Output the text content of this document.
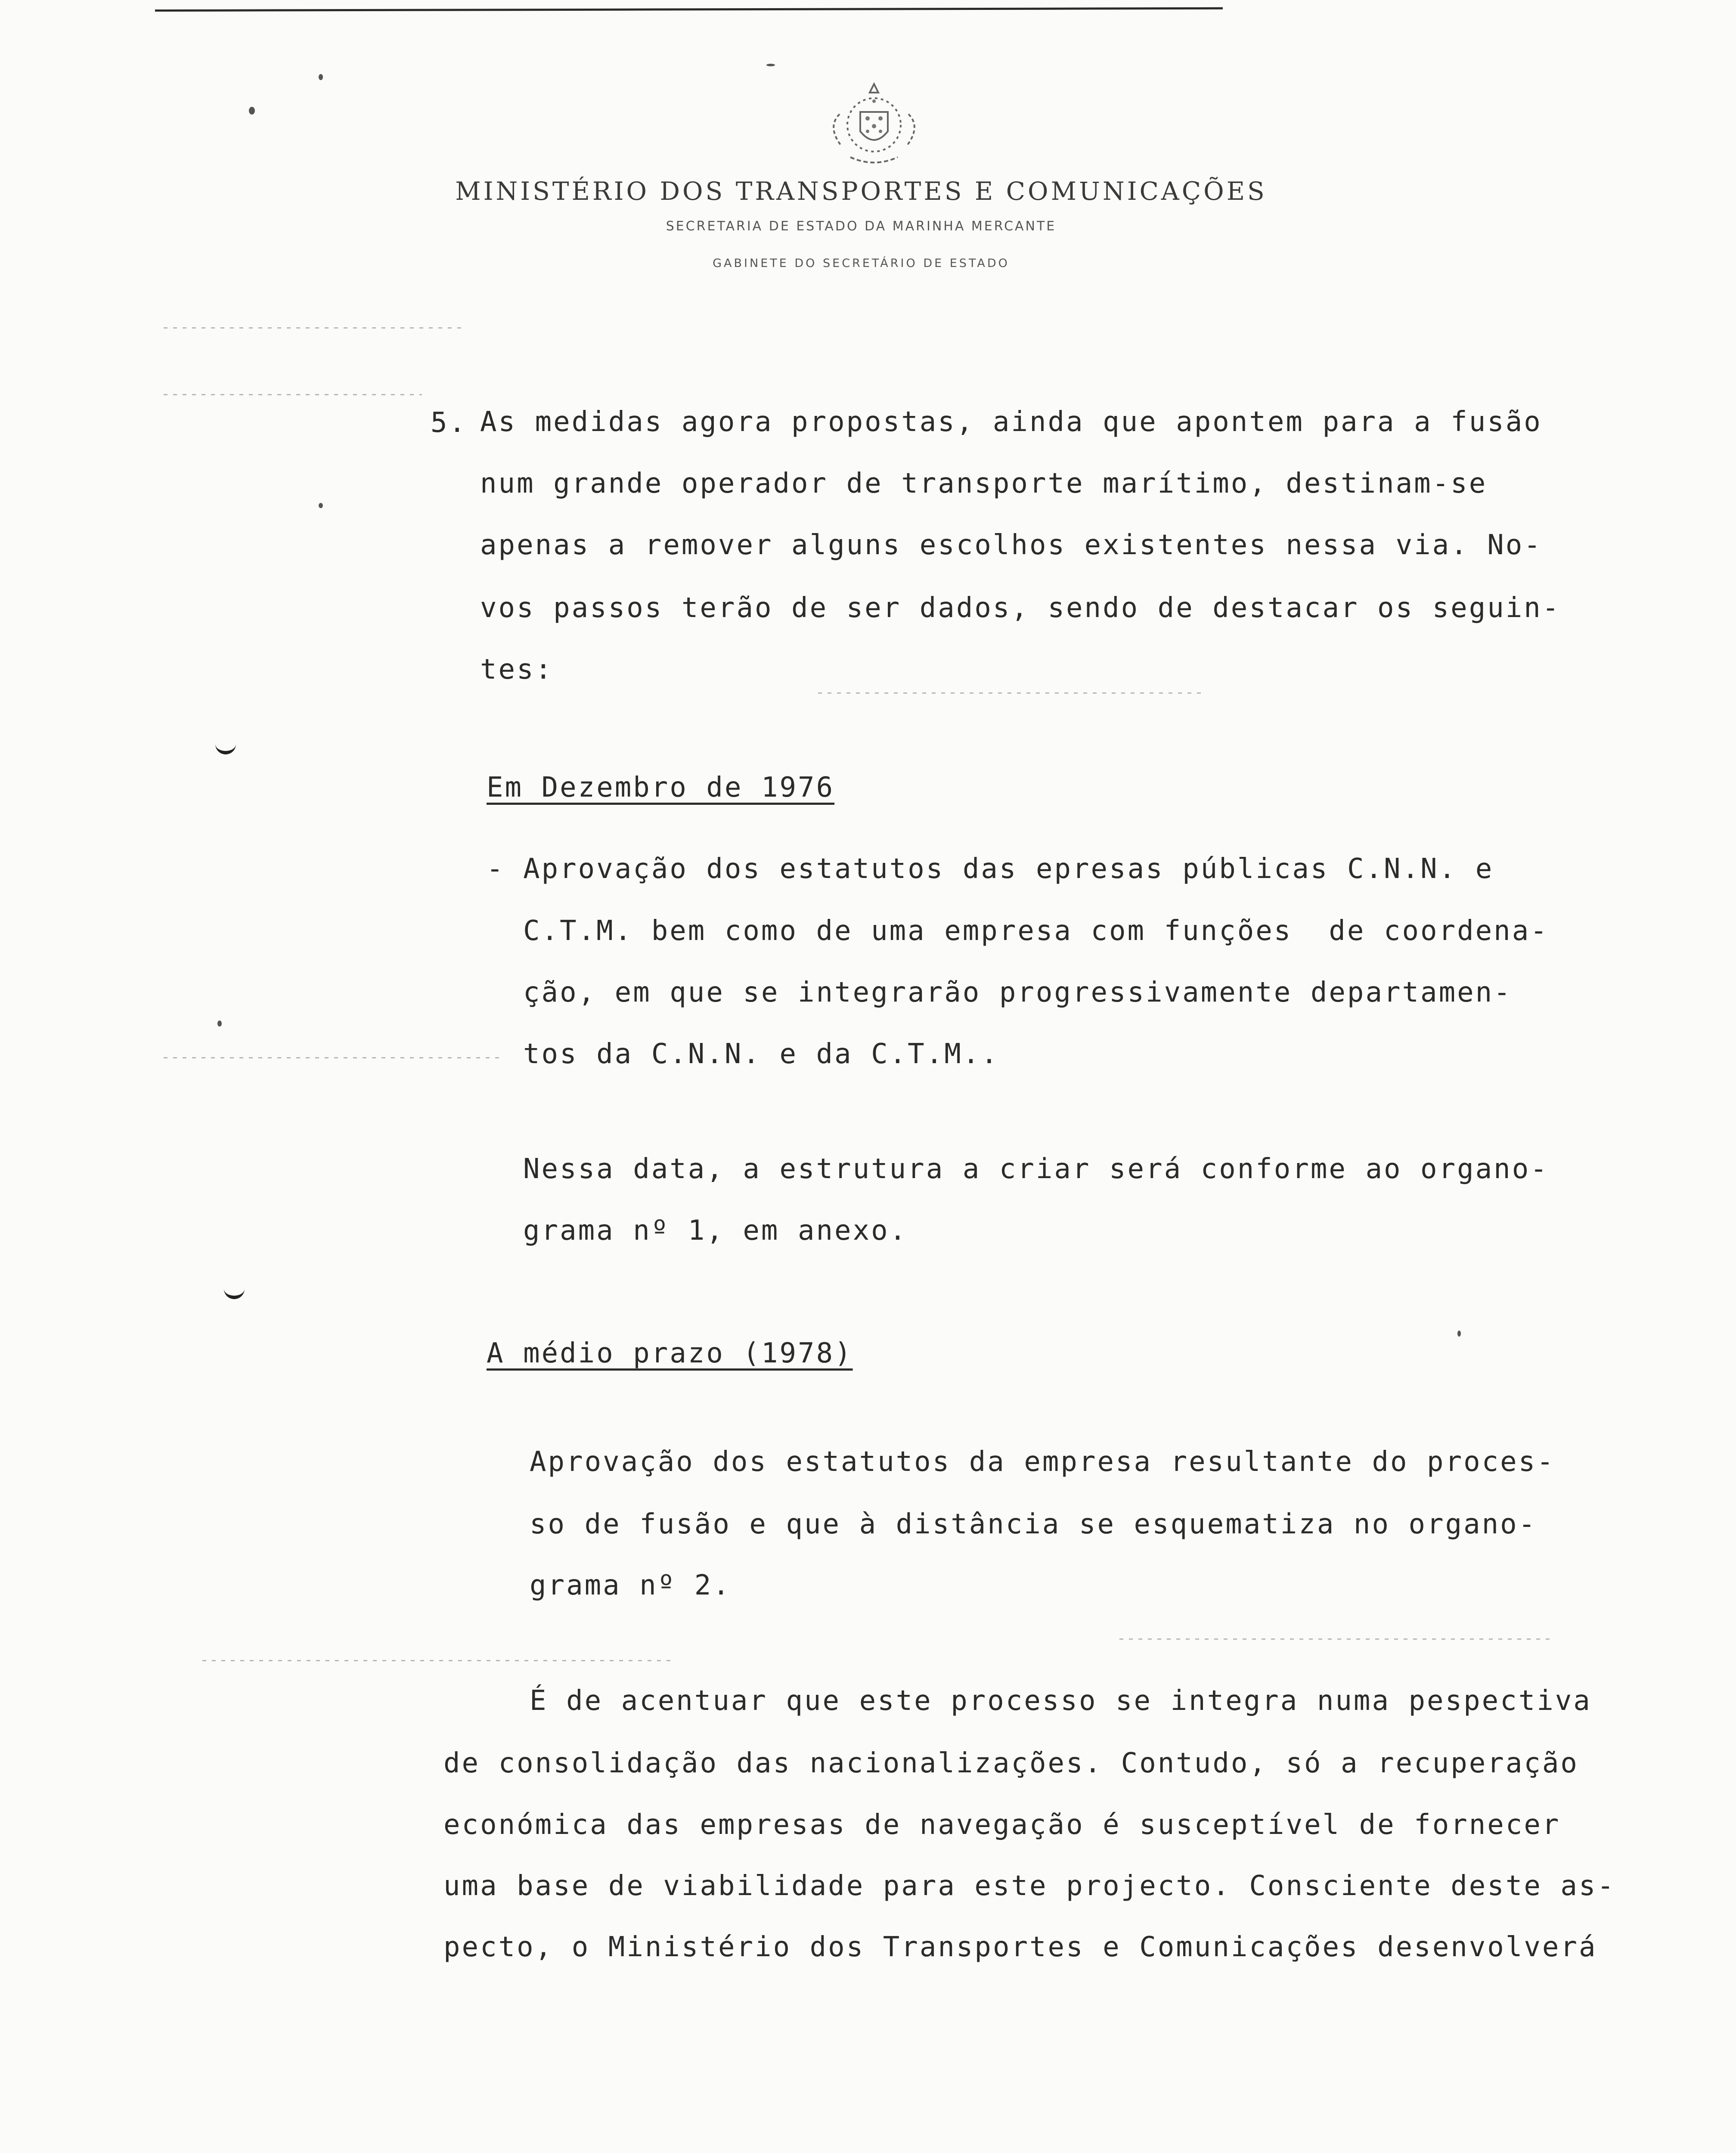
MINISTÉRIO DOS TRANSPORTES E COMUNICAÇÕES
SECRETARIA DE ESTADO DA MARINHA MERCANTE
GABINETE DO SECRETÁRIO DE ESTADO
5. As medidas agora propostas, ainda que apontem para a fusão
num grande operador de transporte marítimo, destinam-se
apenas a remover alguns escolhos existentes nessa via. No-
vos passos terão de ser dados, sendo de destacar os seguin-
tes:
Em Dezembro de 1976
- Aprovação dos estatutos das epresas públicas C.N.N. e
C.T.M. bem como de uma empresa com funções  de coordena-
ção, em que se integrarão progressivamente departamen-
tos da C.N.N. e da C.T.M..
Nessa data, a estrutura a criar será conforme ao organo-
grama nº 1, em anexo.
A médio prazo (1978)
Aprovação dos estatutos da empresa resultante do proces-
so de fusão e que à distância se esquematiza no organo-
grama nº 2.
É de acentuar que este processo se integra numa pespectiva
de consolidação das nacionalizações. Contudo, só a recuperação
económica das empresas de navegação é susceptível de fornecer
uma base de viabilidade para este projecto. Consciente deste as-
pecto, o Ministério dos Transportes e Comunicações desenvolverá
